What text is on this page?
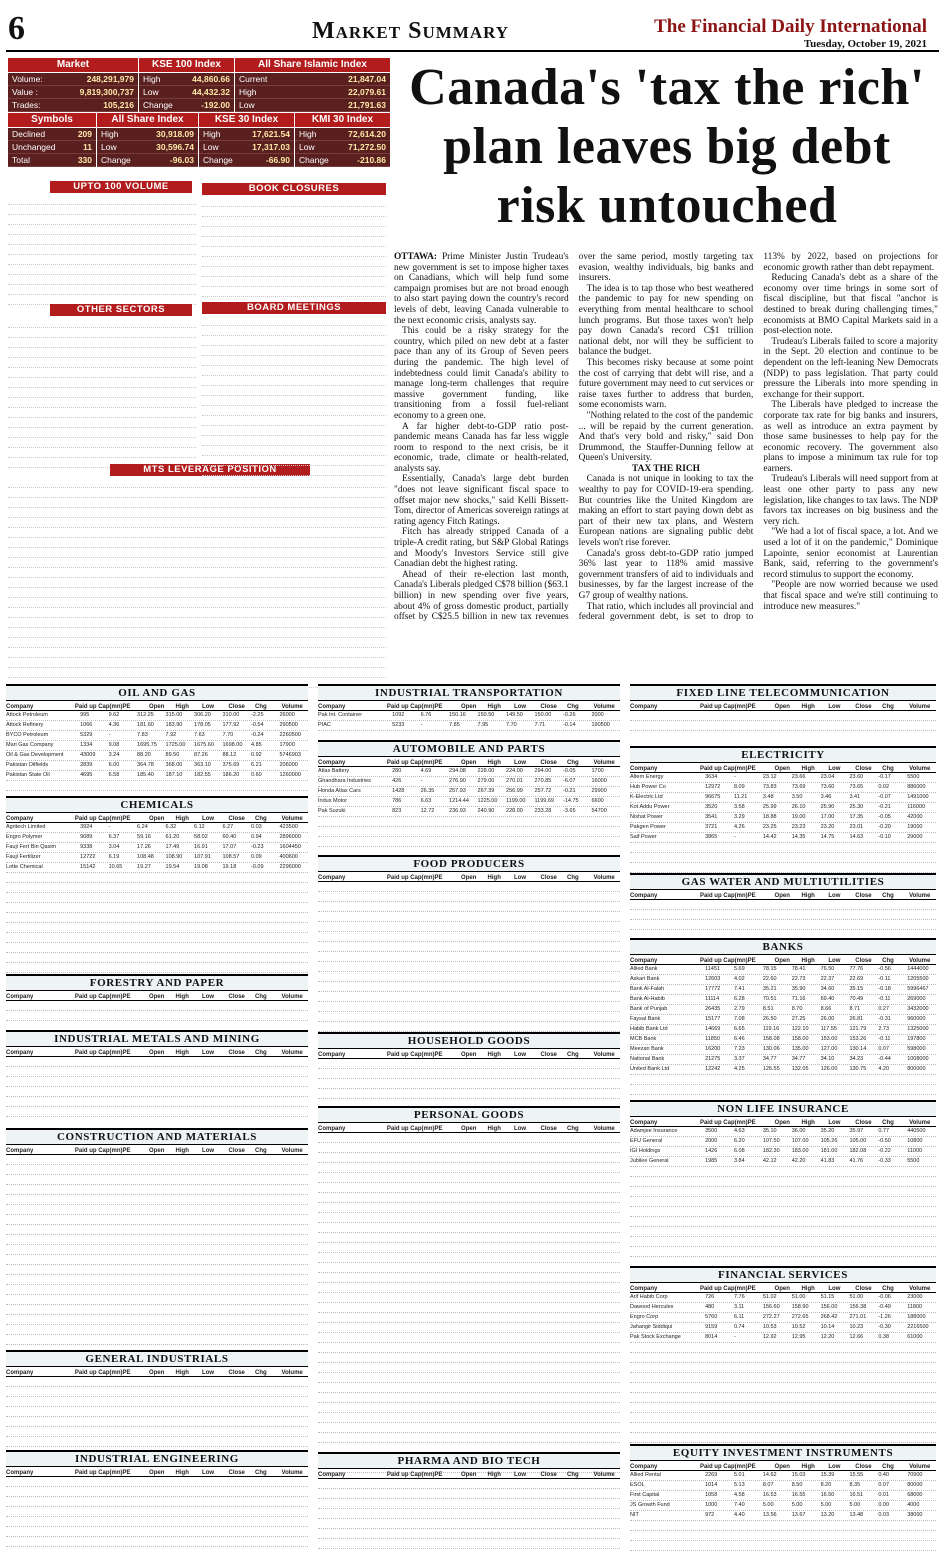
6	Market Summary	The Financial Daily International
Tuesday, October 19, 2021
Market
Volume:	248,291,979
Value :	9,819,300,737
Trades:	105,216
KSE 100 Index
High	44,860.66
Low	44,432.32
Change	-192.00
All Share Islamic Index
Current	21,847.04
High	22,079.61
Low	21,791.63
Symbols
Declined	209
Unchanged	11
Total	330
All Share Index
High	30,918.09
Low	30,596.74
Change	-96.03
KSE 30 Index
High	17,621.54
Low	17,317.03
Change	-66.90
KMI 30 Index
High	72,614.20
Low	71,272.50
Change	-210.86
UPTO 100 VOLUME
OTHER SECTORS
MTS LEVERAGE POSITION
BOOK CLOSURES
BOARD MEETINGS
Canada's 'tax the rich' plan leaves big debt risk untouched

OTTAWA: Prime Minister Justin Trudeau's new government is set to impose higher taxes on Canadians, which will help fund some campaign promises but are not broad enough to also start paying down the country's record levels of debt, leaving Canada vulnerable to the next economic crisis, analysts say.

This could be a risky strategy for the country, which piled on new debt at a faster pace than any of its Group of Seven peers during the pandemic. The high level of indebtedness could limit Canada's ability to manage long-term challenges that require massive government funding, like transitioning from a fossil fuel-reliant economy to a green one.

A far higher debt-to-GDP ratio post-pandemic means Canada has far less wiggle room to respond to the next crisis, be it economic, trade, climate or health-related, analysts say.

Essentially, Canada's large debt burden "does not leave significant fiscal space to offset major new shocks," said Kelli Bissett-Tom, director of Americas sovereign ratings at rating agency Fitch Ratings.

Fitch has already stripped Canada of a triple-A credit rating, but S&P Global Ratings and Moody's Investors Service still give Canadian debt the highest rating.

Ahead of their re-election last month, Canada's Liberals pledged C$78 billion ($63.1 billion) in new spending over five years, about 4% of gross domestic product, partially offset by C$25.5 billion in new tax revenues over the same period, mostly targeting tax evasion, wealthy individuals, big banks and insurers.

The idea is to tap those who best weathered the pandemic to pay for new spending on everything from mental healthcare to school lunch programs. But those taxes won't help pay down Canada's record C$1 trillion national debt, nor will they be sufficient to balance the budget.

This becomes risky because at some point the cost of carrying that debt will rise, and a future government may need to cut services or raise taxes further to address that burden, some economists warn.

"Nothing related to the cost of the pandemic ... will be repaid by the current generation. And that's very bold and risky," said Don Drummond, the Stauffer-Dunning fellow at Queen's University.

TAX THE RICH

Canada is not unique in looking to tax the wealthy to pay for COVID-19-era spending. But countries like the United Kingdom are making an effort to start paying down debt as part of their new tax plans, and Western European nations are signaling public debt levels won't rise forever.

Canada's gross debt-to-GDP ratio jumped 36% last year to 118% amid massive government transfers of aid to individuals and businesses, by far the largest increase of the G7 group of wealthy nations.

That ratio, which includes all provincial and federal government debt, is set to drop to 113% by 2022, based on projections for economic growth rather than debt repayment.

Reducing Canada's debt as a share of the economy over time brings in some sort of fiscal discipline, but that fiscal "anchor is destined to break during challenging times," economists at BMO Capital Markets said in a post-election note.

Trudeau's Liberals failed to score a majority in the Sept. 20 election and continue to be dependent on the left-leaning New Democrats (NDP) to pass legislation. That party could pressure the Liberals into more spending in exchange for their support.

The Liberals have pledged to increase the corporate tax rate for big banks and insurers, as well as introduce an extra payment by those same businesses to help pay for the economic recovery. The government also plans to impose a minimum tax rule for top earners.

Trudeau's Liberals will need support from at least one other party to pass any new legislation, like changes to tax laws. The NDP favors tax increases on big business and the very rich.

"We had a lot of fiscal space, a lot. And we used a lot of it on the pandemic," Dominique Lapointe, senior economist at Laurentian Bank, said, referring to the government's record stimulus to support the economy.

"People are now worried because we used that fiscal space and we're still continuing to introduce new measures."

OIL AND GAS
Company	Paid up Cap(mn) PE	Open	High	Low	Close	Chg	Volume
Attock Petroleum	995	9.62	312.25	315.00	306.20	310.00	-2.25	26000
Attock Refinery	1066	4.36	181.60	183.90	178.05	177.92	-0.54	290500
BYCO Petroleum	5329	-	7.83	7.92	7.63	7.70	-0.24	2260500
Mari Gas Company	1334	9.08	1695.75	1725.00	1675.60	1698.00	4.85	17900
Oil & Gas Development	43009	3.24	88.20	89.50	87.26	88.12	0.92	5746903
Pakistan Oilfields	2839	6.00	364.78	368.00	363.10	375.69	6.21	206000
Pakistan State Oil	4695	6.58	185.40	187.10	182.55	186.20	0.60	1260000
CHEMICALS
Company	Paid up Cap(mn) PE	Open	High	Low	Close	Chg	Volume
Agritech Limited	3924	-	6.24	6.32	6.12	6.27	0.03	423500
Engro Polymer	9089	6.37	59.16	61.20	58.02	60.40	0.94	2896000
Fauji Fert Bin Qasim	9338	3.04	17.26	17.49	16.91	17.07	-0.23	1604450
Fauji Fertilizer	12722	6.19	108.48	108.90	107.91	108.57	0.09	400600
Lotte Chemical	15142	10.65	19.27	19.54	19.08	19.18	-0.09	2296000
FORESTRY AND PAPER
Company	Paid up Cap(mn) PE	Open	High	Low	Close	Chg	Volume
INDUSTRIAL METALS AND MINING
Company	Paid up Cap(mn) PE	Open	High	Low	Close	Chg	Volume
CONSTRUCTION AND MATERIALS
Company	Paid up Cap(mn) PE	Open	High	Low	Close	Chg	Volume
GENERAL INDUSTRIALS
Company	Paid up Cap(mn) PE	Open	High	Low	Close	Chg	Volume
INDUSTRIAL ENGINEERING
Company	Paid up Cap(mn) PE	Open	High	Low	Close	Chg	Volume
INDUSTRIAL TRANSPORTATION
Company	Paid up Cap(mn) PE	Open	High	Low	Close	Chg	Volume
Pak Int. Container	1092	6.76	150.16	150.50	149.50	150.00	-0.26	2000
PIAC	5233	-	7.85	7.95	7.70	7.71	-0.14	190500
AUTOMOBILE AND PARTS
Company	Paid up Cap(mn) PE	Open	High	Low	Close	Chg	Volume
Atlas Battery	280	4.69	294.08	228.00	224.00	294.00	-0.05	1700
Ghandhara Industries	426	-	276.90	279.00	270.01	270.85	-6.07	16000
Honda Atlas Cars	1428	26.35	257.93	267.39	256.99	257.72	-0.21	29900
Indus Motor	786	6.63	1214.44	1225.00	1199.00	1199.69	-14.75	6600
Pak Suzuki	823	12.72	236.93	240.90	228.00	233.28	-3.65	54700
FOOD PRODUCERS
Company	Paid up Cap(mn) PE	Open	High	Low	Close	Chg	Volume
HOUSEHOLD GOODS
Company	Paid up Cap(mn) PE	Open	High	Low	Close	Chg	Volume
PERSONAL GOODS
Company	Paid up Cap(mn) PE	Open	High	Low	Close	Chg	Volume
PHARMA AND BIO TECH
Company	Paid up Cap(mn) PE	Open	High	Low	Close	Chg	Volume
FIXED LINE TELECOMMUNICATION
Company	Paid up Cap(mn) PE	Open	High	Low	Close	Chg	Volume
ELECTRICITY
Company	Paid up Cap(mn) PE	Open	High	Low	Close	Chg	Volume
Altern Energy	3634	-	23.12	23.66	23.04	23.60	-0.17	5500
Hub Power Co	12972	8.09	73.83	73.69	73.60	73.65	0.02	886000
K-Electric Ltd	96675	11.21	3.48	3.50	3.46	3.41	-0.07	1491000
Kot Addu Power	3520	3.58	25.99	26.10	25.90	25.30	-0.21	116000
Nishat Power	3541	3.29	18.88	19.00	17.00	17.35	-0.05	42000
Pakgen Power	3721	4.26	23.25	23.23	23.20	23.01	-0.20	19000
Saif Power	3865	-	14.42	14.35	14.75	14.63	-0.10	29000
GAS WATER AND MULTIUTILITIES
Company	Paid up Cap(mn) PE	Open	High	Low	Close	Chg	Volume
BANKS
Company	Paid up Cap(mn) PE	Open	High	Low	Close	Chg	Volume
Allied Bank	11451	5.69	78.15	78.41	76.50	77.76	-0.56	1444000
Askari Bank	12603	4.02	22.60	22.73	22.37	22.69	-0.11	1205500
Bank Al-Falah	17772	7.41	35.21	35.90	34.60	35.15	-0.18	5996467
Bank Al-Habib	11114	6.28	70.51	71.16	69.40	70.49	-0.11	269000
Bank of Punjab	26435	2.79	8.51	8.70	8.66	8.71	0.27	3432000
Faysal Bank	15177	7.08	26.50	27.25	26.00	26.81	-0.31	960000
Habib Bank Ltd	14669	6.65	119.16	122.10	117.55	121.79	2.73	1325000
MCB Bank	11850	6.46	158.08	158.00	153.00	153.26	-0.11	197800
Meezan Bank	16200	7.23	130.06	135.00	127.00	130.14	0.07	598000
National Bank	21275	3.37	34.77	34.77	34.10	34.23	-0.44	1008000
United Bank Ltd	12242	4.25	126.55	132.05	126.00	130.75	4.20	800000
NON LIFE INSURANCE
Company	Paid up Cap(mn) PE	Open	High	Low	Close	Chg	Volume
Adamjee Insurance	3500	4.63	35.10	36.00	35.20	35.97	0.77	440500
EFU General	2000	6.20	107.50	107.00	105.26	105.00	-0.50	10800
IGI Holdings	1426	6.08	182.30	183.00	181.00	182.08	-0.22	11000
Jubilee General	1985	3.84	42.12	42.20	41.83	41.76	-0.33	5500
FINANCIAL SERVICES
Company	Paid up Cap(mn) PE	Open	High	Low	Close	Chg	Volume
Arif Habib Corp	726	7.76	51.02	51.00	51.15	51.00	-0.06	23000
Dawood Hercules	480	3.11	156.60	158.90	156.00	156.38	-0.49	11800
Engro Corp	5760	6.11	272.27	272.65	268.42	271.01	-1.26	188000
Jahangir Siddiqui	9159	0.74	10.53	10.52	10.14	10.23	-0.30	2216500
Pak Stock Exchange	8014	-	12.92	12.95	12.20	12.66	0.38	61000
EQUITY INVESTMENT INSTRUMENTS
Company	Paid up Cap(mn) PE	Open	High	Low	Close	Chg	Volume
Allied Rental	2269	5.01	14.62	15.03	15.39	15.55	0.40	70900
ESOL	1014	5.13	8.07	8.50	8.20	8.35	0.07	80000
First Capital	1058	4.58	16.53	16.55	16.50	16.51	0.01	68000
JS Growth Fund	1000	7.40	5.00	5.00	5.00	5.00	0.00	4000
NIT	972	4.40	13.56	13.67	13.20	13.48	0.03	38000
